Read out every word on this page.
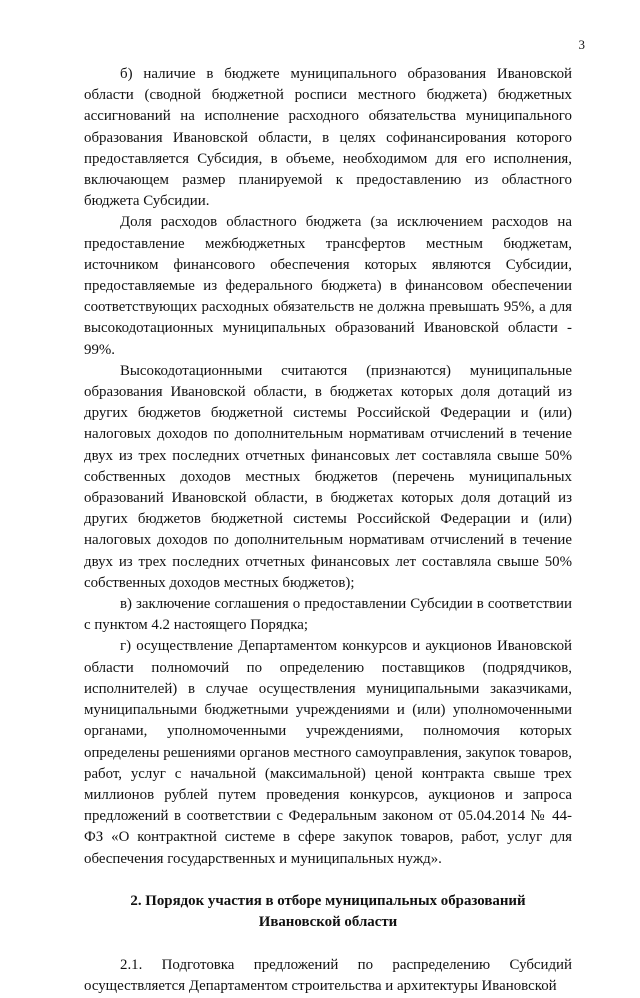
3

б) наличие в бюджете муниципального образования Ивановской области (сводной бюджетной росписи местного бюджета) бюджетных ассигнований на исполнение расходного обязательства муниципального образования Ивановской области, в целях софинансирования которого предоставляется Субсидия, в объеме, необходимом для его исполнения, включающем размер планируемой к предоставлению из областного бюджета Субсидии.

Доля расходов областного бюджета (за исключением расходов на предоставление межбюджетных трансфертов местным бюджетам, источником финансового обеспечения которых являются Субсидии, предоставляемые из федерального бюджета) в финансовом обеспечении соответствующих расходных обязательств не должна превышать 95%, а для высокодотационных муниципальных образований Ивановской области - 99%.

Высокодотационными считаются (признаются) муниципальные образования Ивановской области, в бюджетах которых доля дотаций из других бюджетов бюджетной системы Российской Федерации и (или) налоговых доходов по дополнительным нормативам отчислений в течение двух из трех последних отчетных финансовых лет составляла свыше 50% собственных доходов местных бюджетов (перечень муниципальных образований Ивановской области, в бюджетах которых доля дотаций из других бюджетов бюджетной системы Российской Федерации и (или) налоговых доходов по дополнительным нормативам отчислений в течение двух из трех последних отчетных финансовых лет составляла свыше 50% собственных доходов местных бюджетов);

в) заключение соглашения о предоставлении Субсидии в соответствии с пунктом 4.2 настоящего Порядка;

г) осуществление Департаментом конкурсов и аукционов Ивановской области полномочий по определению поставщиков (подрядчиков, исполнителей) в случае осуществления муниципальными заказчиками, муниципальными бюджетными учреждениями и (или) уполномоченными органами, уполномоченными учреждениями, полномочия которых определены решениями органов местного самоуправления, закупок товаров, работ, услуг с начальной (максимальной) ценой контракта свыше трех миллионов рублей путем проведения конкурсов, аукционов и запроса предложений в соответствии с Федеральным законом от 05.04.2014 № 44-ФЗ «О контрактной системе в сфере закупок товаров, работ, услуг для обеспечения государственных и муниципальных нужд».

2. Порядок участия в отборе муниципальных образований
Ивановской области

2.1. Подготовка предложений по распределению Субсидий осуществляется Департаментом строительства и архитектуры Ивановской
